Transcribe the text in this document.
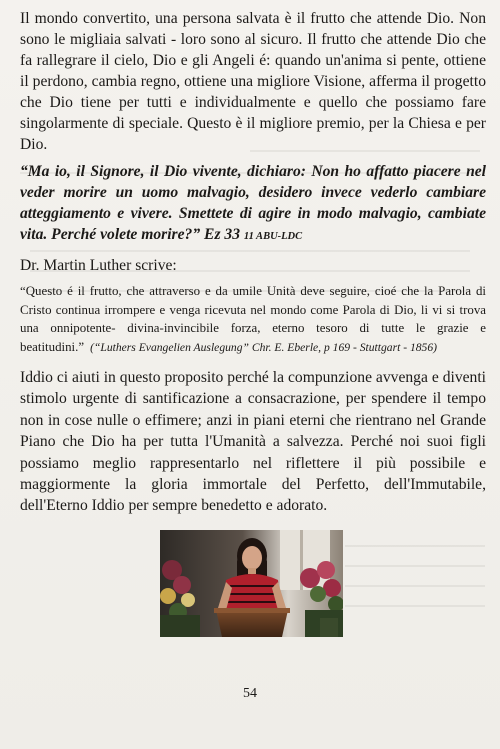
Il mondo convertito, una persona salvata è il frutto che attende Dio. Non sono le migliaia salvati - loro sono al sicuro. Il frutto che attende Dio che fa rallegrare il cielo, Dio e gli Angeli é: quando un'anima si pente, ottiene il perdono, cambia regno, ottiene una migliore Visione, afferma il progetto che Dio tiene per tutti e individualmente e quello che possiamo fare singolarmente di speciale. Questo è il migliore premio, per la Chiesa e per Dio.

“Ma io, il Signore, il Dio vivente, dichiaro: Non ho affatto piacere nel veder morire un uomo malvagio, desidero invece vederlo cambiare atteggiamento e vivere. Smettete di agire in modo malvagio, cambiate vita. Perché volete morire?” Ez 33 11 ABU-LDC

Dr. Martin Luther scrive:

“Questo é il frutto, che attraverso e da umile Unità deve seguire, cioé che la Parola di Cristo continua irrompere e venga ricevuta nel mondo come Parola di Dio, li vi si trova una onnipotente- divina-invincibile forza, eterno tesoro di tutte le grazie e beatitudini.” (“Luthers Evangelien Auslegung” Chr. E. Eberle, p 169 - Stuttgart - 1856)

Iddio ci aiuti in questo proposito perché la compunzione avvenga e diventi stimolo urgente di santificazione a consacrazione, per spendere il tempo non in cose nulle o effimere; anzi in piani eterni che rientrano nel Grande Piano che Dio ha per tutta l'Umanità a salvezza. Perché noi suoi figli possiamo meglio rappresentarlo nel riflettere il più possibile e maggiormente la gloria immortale del Perfetto, dell'Immutabile, dell'Eterno Iddio per sempre benedetto e adorato.

54
